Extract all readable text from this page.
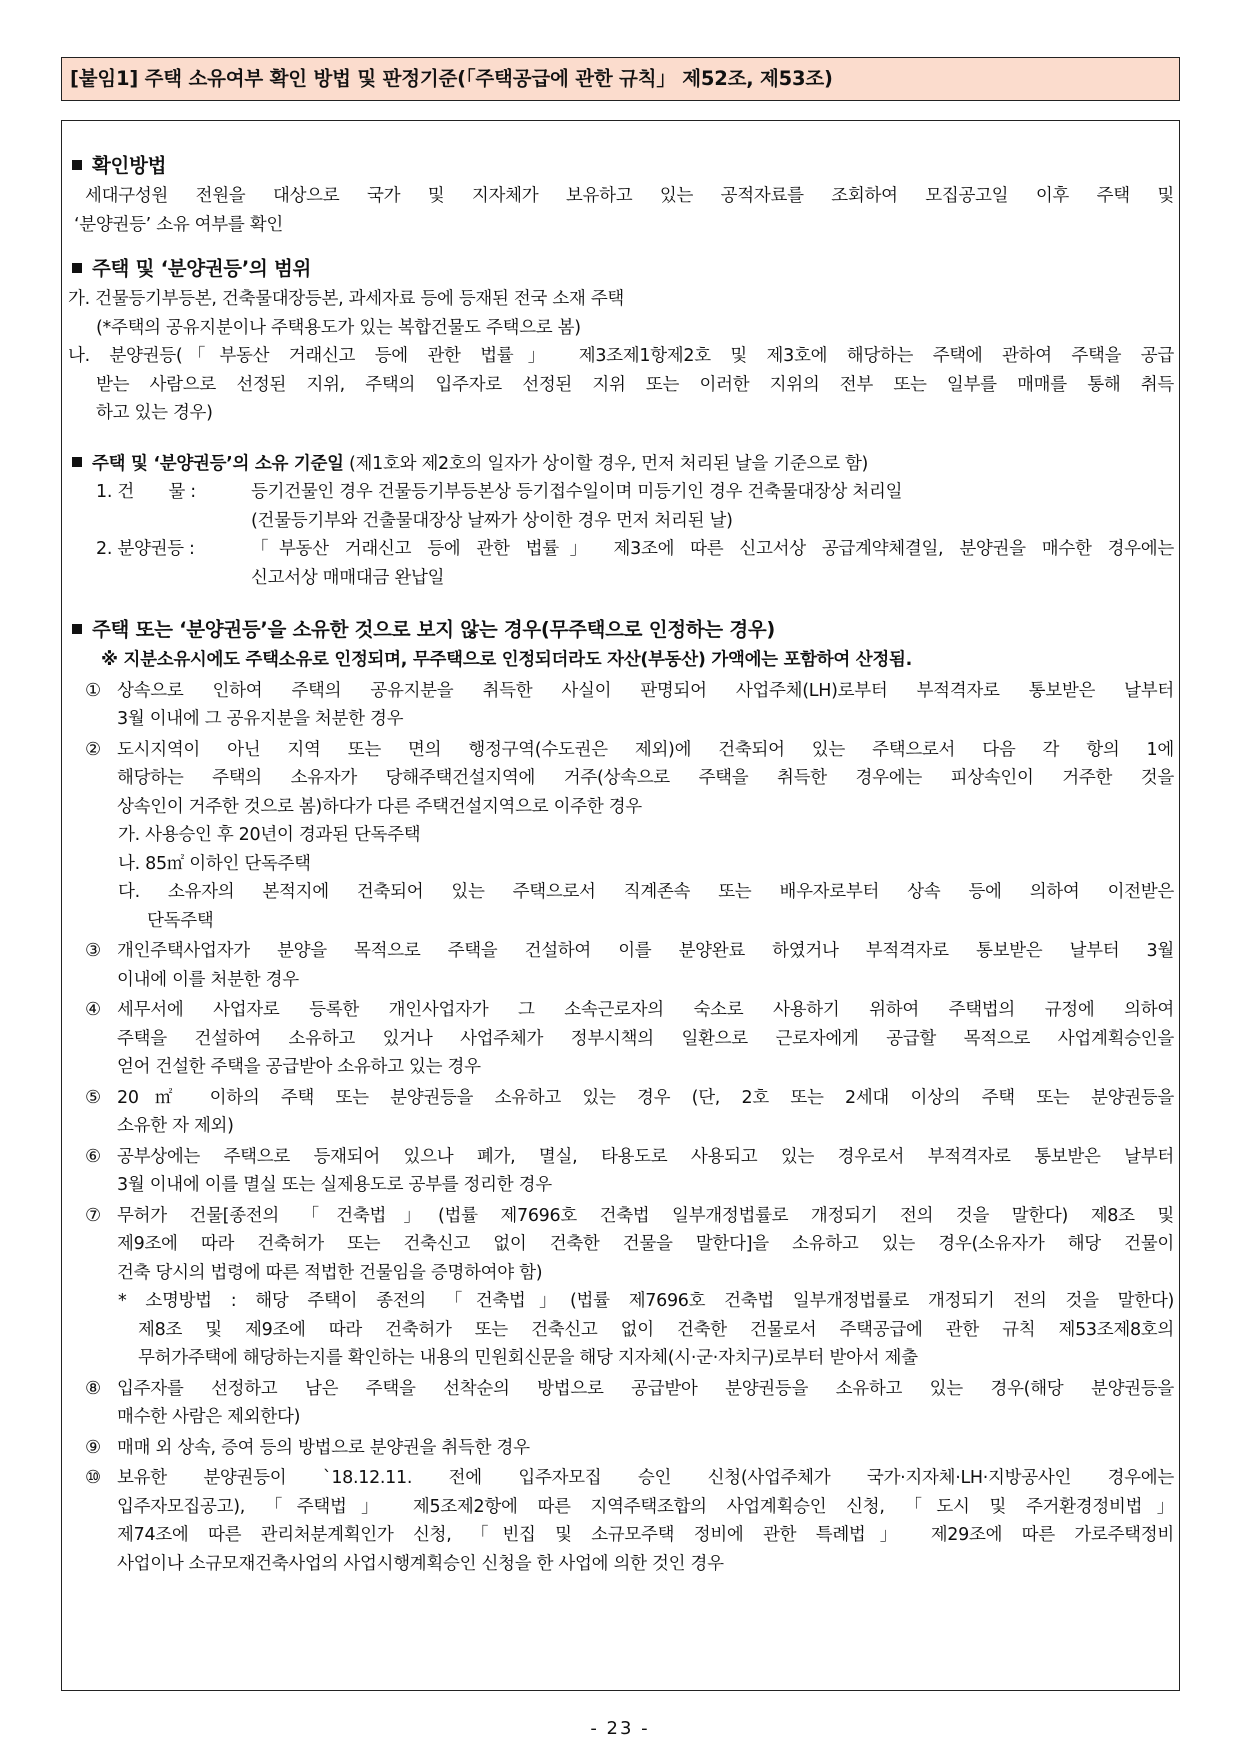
[붙임1] 주택 소유여부 확인 방법 및 판정기준(「주택공급에 관한 규칙」 제52조, 제53조)
확인방법
세대구성원 전원을 대상으로 국가 및 지자체가 보유하고 있는 공적자료를 조회하여 모집공고일 이후 주택 및
‘분양권등’ 소유 여부를 확인
주택 및 ‘분양권등’의 범위
가. 건물등기부등본, 건축물대장등본, 과세자료 등에 등재된 전국 소재 주택
(*주택의 공유지분이나 주택용도가 있는 복합건물도 주택으로 봄)
나. 분양권등(「부동산 거래신고 등에 관한 법률」 제3조제1항제2호 및 제3호에 해당하는 주택에 관하여 주택을 공급
받는 사람으로 선정된 지위, 주택의 입주자로 선정된 지위 또는 이러한 지위의 전부 또는 일부를 매매를 통해 취득
하고 있는 경우)
주택 및 ‘분양권등’의 소유 기준일 (제1호와 제2호의 일자가 상이할 경우, 먼저 처리된 날을 기준으로 함)
1. 건　　물 :	등기건물인 경우 건물등기부등본상 등기접수일이며 미등기인 경우 건축물대장상 처리일
(건물등기부와 건출물대장상 날짜가 상이한 경우 먼저 처리된 날)
2. 분양권등 :	「부동산 거래신고 등에 관한 법률」 제3조에 따른 신고서상 공급계약체결일, 분양권을 매수한 경우에는
신고서상 매매대금 완납일
주택 또는 ‘분양권등’을 소유한 것으로 보지 않는 경우(무주택으로 인정하는 경우)
※ 지분소유시에도 주택소유로 인정되며, 무주택으로 인정되더라도 자산(부동산) 가액에는 포함하여 산정됨.
① 상속으로 인하여 주택의 공유지분을 취득한 사실이 판명되어 사업주체(LH)로부터 부적격자로 통보받은 날부터
3월 이내에 그 공유지분을 처분한 경우
② 도시지역이 아닌 지역 또는 면의 행정구역(수도권은 제외)에 건축되어 있는 주택으로서 다음 각 항의 1에
해당하는 주택의 소유자가 당해주택건설지역에 거주(상속으로 주택을 취득한 경우에는 피상속인이 거주한 것을
상속인이 거주한 것으로 봄)하다가 다른 주택건설지역으로 이주한 경우
가. 사용승인 후 20년이 경과된 단독주택
나. 85㎡ 이하인 단독주택
다. 소유자의 본적지에 건축되어 있는 주택으로서 직계존속 또는 배우자로부터 상속 등에 의하여 이전받은
단독주택
③ 개인주택사업자가 분양을 목적으로 주택을 건설하여 이를 분양완료 하였거나 부적격자로 통보받은 날부터 3월
이내에 이를 처분한 경우
④ 세무서에 사업자로 등록한 개인사업자가 그 소속근로자의 숙소로 사용하기 위하여 주택법의 규정에 의하여
주택을 건설하여 소유하고 있거나 사업주체가 정부시책의 일환으로 근로자에게 공급할 목적으로 사업계획승인을
얻어 건설한 주택을 공급받아 소유하고 있는 경우
⑤ 20㎡ 이하의 주택 또는 분양권등을 소유하고 있는 경우 (단, 2호 또는 2세대 이상의 주택 또는 분양권등을
소유한 자 제외)
⑥ 공부상에는 주택으로 등재되어 있으나 폐가, 멸실, 타용도로 사용되고 있는 경우로서 부적격자로 통보받은 날부터
3월 이내에 이를 멸실 또는 실제용도로 공부를 정리한 경우
⑦ 무허가 건물[종전의 「건축법」(법률 제7696호 건축법 일부개정법률로 개정되기 전의 것을 말한다) 제8조 및
제9조에 따라 건축허가 또는 건축신고 없이 건축한 건물을 말한다]을 소유하고 있는 경우(소유자가 해당 건물이
건축 당시의 법령에 따른 적법한 건물임을 증명하여야 함)
* 소명방법 : 해당 주택이 종전의 「건축법」(법률 제7696호 건축법 일부개정법률로 개정되기 전의 것을 말한다)
제8조 및 제9조에 따라 건축허가 또는 건축신고 없이 건축한 건물로서 주택공급에 관한 규칙 제53조제8호의
무허가주택에 해당하는지를 확인하는 내용의 민원회신문을 해당 지자체(시·군·자치구)로부터 받아서 제출
⑧ 입주자를 선정하고 남은 주택을 선착순의 방법으로 공급받아 분양권등을 소유하고 있는 경우(해당 분양권등을
매수한 사람은 제외한다)
⑨ 매매 외 상속, 증여 등의 방법으로 분양권을 취득한 경우
⑩ 보유한 분양권등이 `18.12.11. 전에 입주자모집 승인 신청(사업주체가 국가·지자체·LH·지방공사인 경우에는
입주자모집공고), 「주택법」 제5조제2항에 따른 지역주택조합의 사업계획승인 신청, 「도시 및 주거환경정비법」
제74조에 따른 관리처분계획인가 신청, 「빈집 및 소규모주택 정비에 관한 특례법」 제29조에 따른 가로주택정비
사업이나 소규모재건축사업의 사업시행계획승인 신청을 한 사업에 의한 것인 경우
- 23 -
